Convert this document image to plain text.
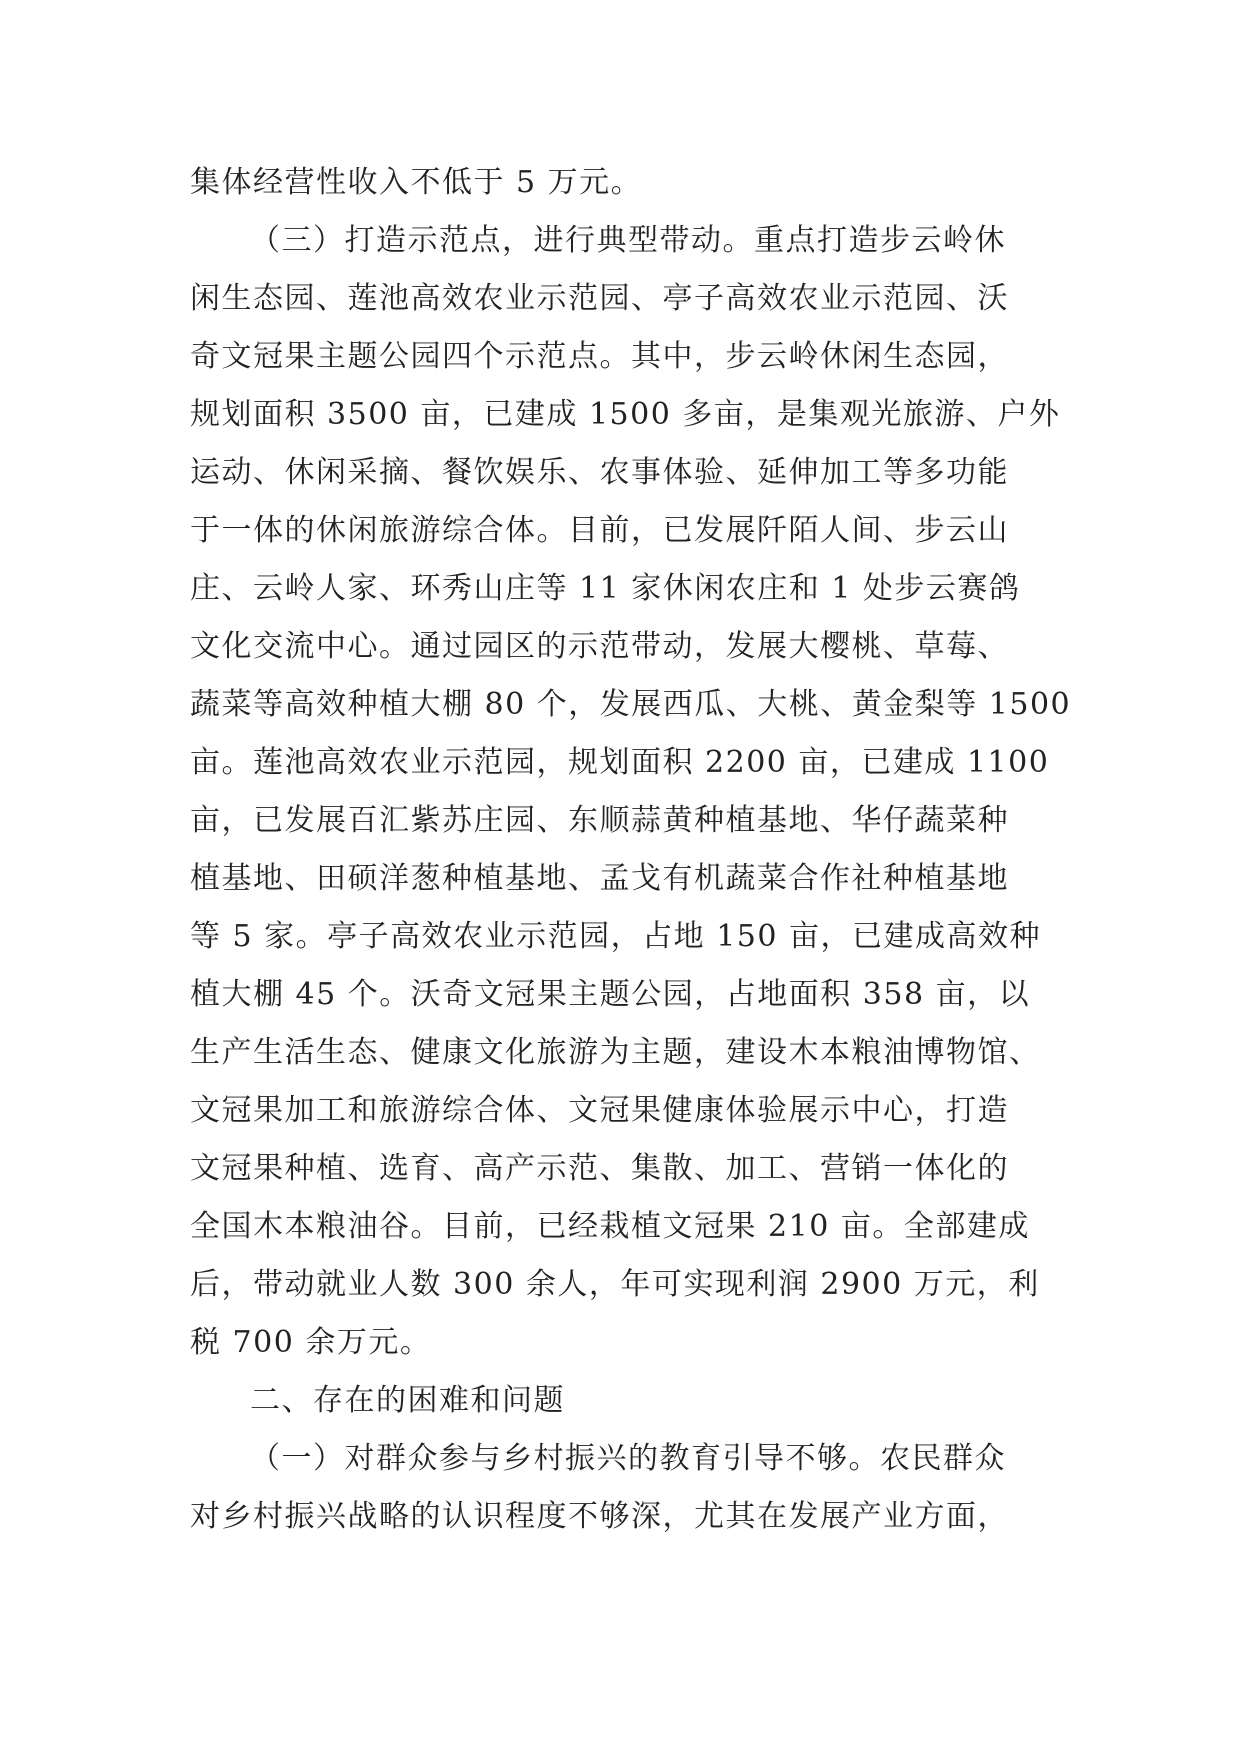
集体经营性收入不低于 5 万元。
（三）打造示范点，进行典型带动。重点打造步云岭休
闲生态园、莲池高效农业示范园、亭子高效农业示范园、沃
奇文冠果主题公园四个示范点。其中，步云岭休闲生态园，
规划面积 3500 亩，已建成 1500 多亩，是集观光旅游、户外
运动、休闲采摘、餐饮娱乐、农事体验、延伸加工等多功能
于一体的休闲旅游综合体。目前，已发展阡陌人间、步云山
庄、云岭人家、环秀山庄等 11 家休闲农庄和 1 处步云赛鸽
文化交流中心。通过园区的示范带动，发展大樱桃、草莓、
蔬菜等高效种植大棚 80 个，发展西瓜、大桃、黄金梨等 1500
亩。莲池高效农业示范园，规划面积 2200 亩，已建成 1100
亩，已发展百汇紫苏庄园、东顺蒜黄种植基地、华仔蔬菜种
植基地、田硕洋葱种植基地、孟戈有机蔬菜合作社种植基地
等 5 家。亭子高效农业示范园，占地 150 亩，已建成高效种
植大棚 45 个。沃奇文冠果主题公园，占地面积 358 亩，以
生产生活生态、健康文化旅游为主题，建设木本粮油博物馆、
文冠果加工和旅游综合体、文冠果健康体验展示中心，打造
文冠果种植、选育、高产示范、集散、加工、营销一体化的
全国木本粮油谷。目前，已经栽植文冠果 210 亩。全部建成
后，带动就业人数 300 余人，年可实现利润 2900 万元，利
税 700 余万元。
二、存在的困难和问题
（一）对群众参与乡村振兴的教育引导不够。农民群众
对乡村振兴战略的认识程度不够深，尤其在发展产业方面，
